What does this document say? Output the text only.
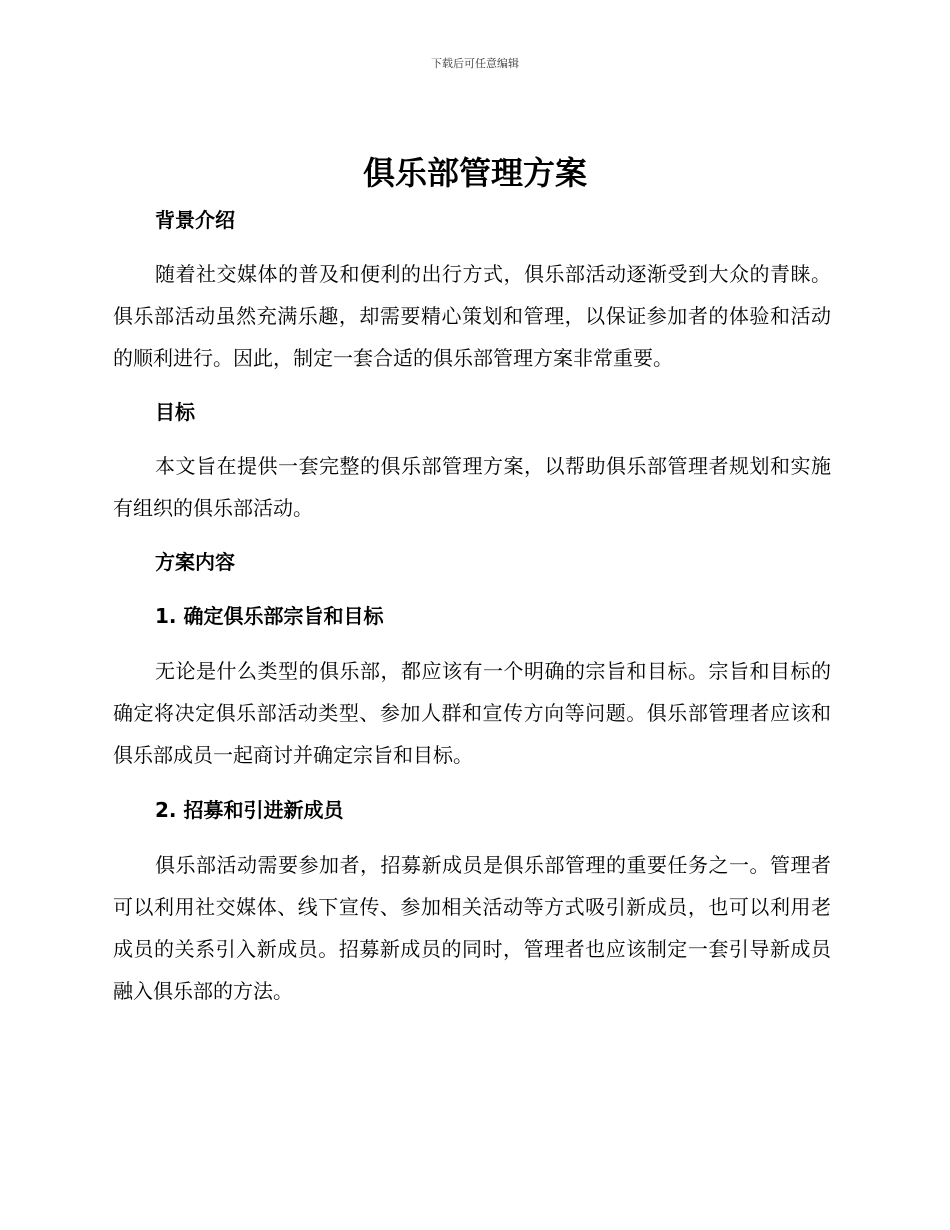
下载后可任意编辑
俱乐部管理方案

背景介绍

随着社交媒体的普及和便利的出行方式，俱乐部活动逐渐受到大众的青睐。俱乐部活动虽然充满乐趣，却需要精心策划和管理，以保证参加者的体验和活动的顺利进行。因此，制定一套合适的俱乐部管理方案非常重要。

目标

本文旨在提供一套完整的俱乐部管理方案，以帮助俱乐部管理者规划和实施有组织的俱乐部活动。

方案内容

1. 确定俱乐部宗旨和目标

无论是什么类型的俱乐部，都应该有一个明确的宗旨和目标。宗旨和目标的确定将决定俱乐部活动类型、参加人群和宣传方向等问题。俱乐部管理者应该和俱乐部成员一起商讨并确定宗旨和目标。

2. 招募和引进新成员

俱乐部活动需要参加者，招募新成员是俱乐部管理的重要任务之一。管理者可以利用社交媒体、线下宣传、参加相关活动等方式吸引新成员，也可以利用老成员的关系引入新成员。招募新成员的同时，管理者也应该制定一套引导新成员融入俱乐部的方法。
